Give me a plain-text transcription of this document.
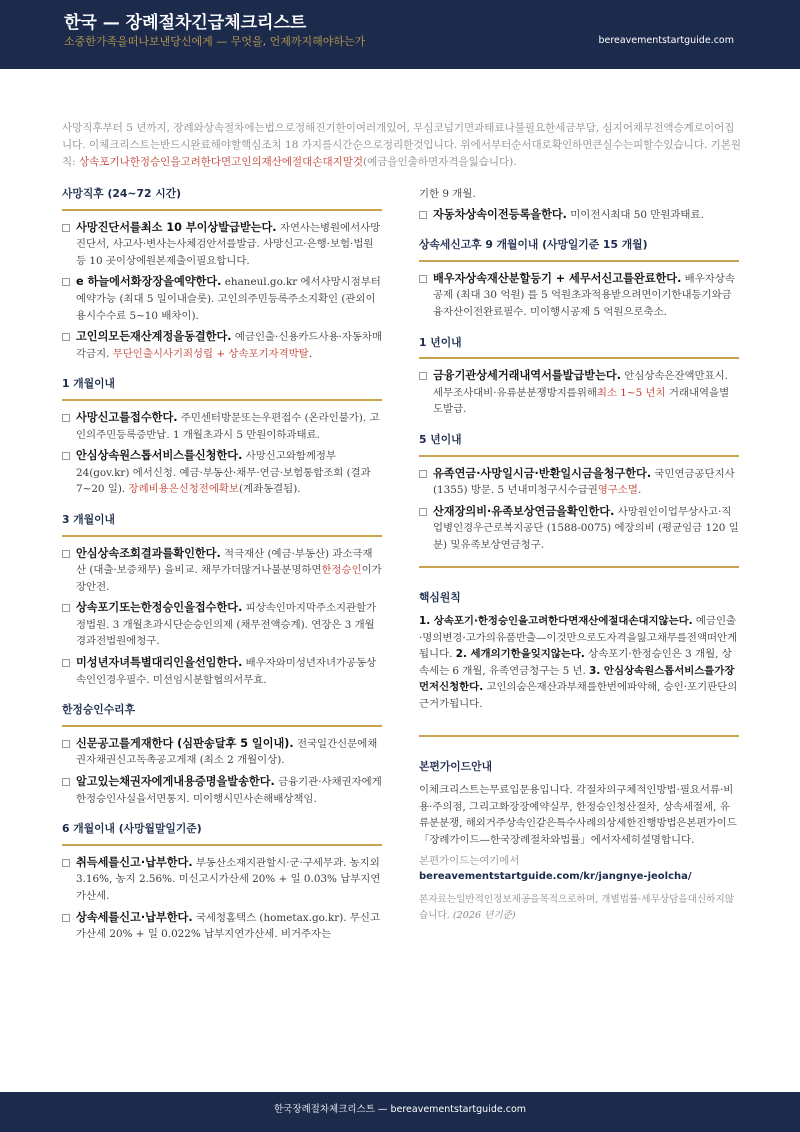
한국 — 장례절차긴급체크리스트
소중한가족을떠나보낸당신에게 — 무엇을, 언제까지해야하는가	bereavementstartguide.com
사망직후부터 5 년까지, 장례와상속절차에는법으로정해진기한이여러개있어, 무심코넘기면과태료나불필요한세금부담, 심지어채무전액승계로이어집니다. 이체크리스트는반드시완료해야할핵심조치 18 가지를시간순으로정리한것입니다. 위에서부터순서대로확인하면큰실수는피할수있습니다. 기본원칙: 상속포기나한정승인을고려한다면고인의재산에절대손대지말것(예금을인출하면자격을잃습니다).
사망직후 (24~72 시간)
사망진단서를최소 10 부이상발급받는다. 자연사는병원에서사망진단서, 사고사·변사는사체검안서를발급. 사망신고·은행·보험·법원등 10 곳이상에원본제출이필요합니다.
e 하늘에서화장장을예약한다. ehaneul.go.kr 에서사망시점부터예약가능 (최대 5 일이내슬롯). 고인의주민등록주소지확인 (관외이용시수수료 5~10 배차이).
고인의모든재산계정을동결한다. 예금인출·신용카드사용·자동차매각금지. 무단인출시사기죄성립 + 상속포기자격박탈.
1 개월이내
사망신고를접수한다. 주민센터방문또는우편접수 (온라인불가). 고인의주민등록증반납. 1 개월초과시 5 만원이하과태료.
안심상속원스톱서비스를신청한다. 사망신고와함께정부 24(gov.kr) 에서신청. 예금·부동산·채무·연금·보험통합조회 (결과 7~20 일). 장례비용은신청전에확보(계좌동결됨).
3 개월이내
안심상속조회결과를확인한다. 적극재산 (예금·부동산) 과소극재산 (대출·보증채무) 을비교. 채무가더많거나불분명하면한정승인이가장안전.
상속포기또는한정승인을접수한다. 피상속인마지막주소지관할가정법원. 3 개월초과시단순승인의제 (채무전액승계). 연장은 3 개월경과전법원에청구.
미성년자녀특별대리인을선임한다. 배우자와미성년자녀가공동상속인인경우필수. 미선임시분할협의서무효.
한정승인수리후
신문공고를게재한다 (심판송달후 5 일이내). 전국일간신문에채권자채권신고독촉공고게재 (최소 2 개월이상).
알고있는채권자에게내용증명을발송한다. 금융기관·사채권자에게한정승인사실을서면통지. 미이행시민사손해배상책임.
6 개월이내 (사망월말일기준)
취득세를신고·납부한다. 부동산소재지관할시·군·구세무과. 농지외 3.16%, 농지 2.56%. 미신고시가산세 20% + 일 0.03% 납부지연가산세.
상속세를신고·납부한다. 국세청홈택스 (hometax.go.kr). 무신고가산세 20% + 일 0.022% 납부지연가산세. 비거주자는
기한 9 개월.
자동차상속이전등록을한다. 미이전시최대 50 만원과태료.
상속세신고후 9 개월이내 (사망일기준 15 개월)
배우자상속재산분할등기 + 세무서신고를완료한다. 배우자상속공제 (최대 30 억원) 를 5 억원초과적용받으려면이기한내등기와금융자산이전완료필수. 미이행시공제 5 억원으로축소.
1 년이내
금융기관상세거래내역서를발급받는다. 안심상속은잔액만표시. 세무조사대비·유류분분쟁방지를위해최소 1~5 년치 거래내역을별도발급.
5 년이내
유족연금·사망일시금·반환일시금을청구한다. 국민연금공단지사 (1355) 방문. 5 년내미청구시수급권영구소멸.
산재장의비·유족보상연금을확인한다. 사망원인이업무상사고·직업병인경우근로복지공단 (1588-0075) 에장의비 (평균임금 120 일분) 및유족보상연금청구.
핵심원칙
1. 상속포기·한정승인을고려한다면재산에절대손대지않는다. 예금인출·명의변경·고가의유품반출—이것만으로도자격을잃고채무를전액떠안게됩니다. 2. 세개의기한을잊지않는다. 상속포기·한정승인은 3 개월, 상속세는 6 개월, 유족연금청구는 5 년. 3. 안심상속원스톱서비스를가장먼저신청한다. 고인의숨은재산과부채를한번에파악해, 승인·포기판단의근거가됩니다.
본편가이드안내
이체크리스트는무료입문용입니다. 각절차의구체적인방법·필요서류·비용·주의점, 그리고화장장예약실무, 한정승인청산절차, 상속세절세, 유류분분쟁, 해외거주상속인같은특수사례의상세한진행방법은본편가이드「장례가이드—한국장례절차와법률」에서자세히설명합니다.
본편가이드는여기에서
bereavementstartguide.com/kr/jangnye-jeolcha/
본자료는일반적인정보제공을목적으로하며, 개별법률·세무상담을대신하지않습니다. (2026 년기준)
한국장례절차체크리스트 — bereavementstartguide.com
